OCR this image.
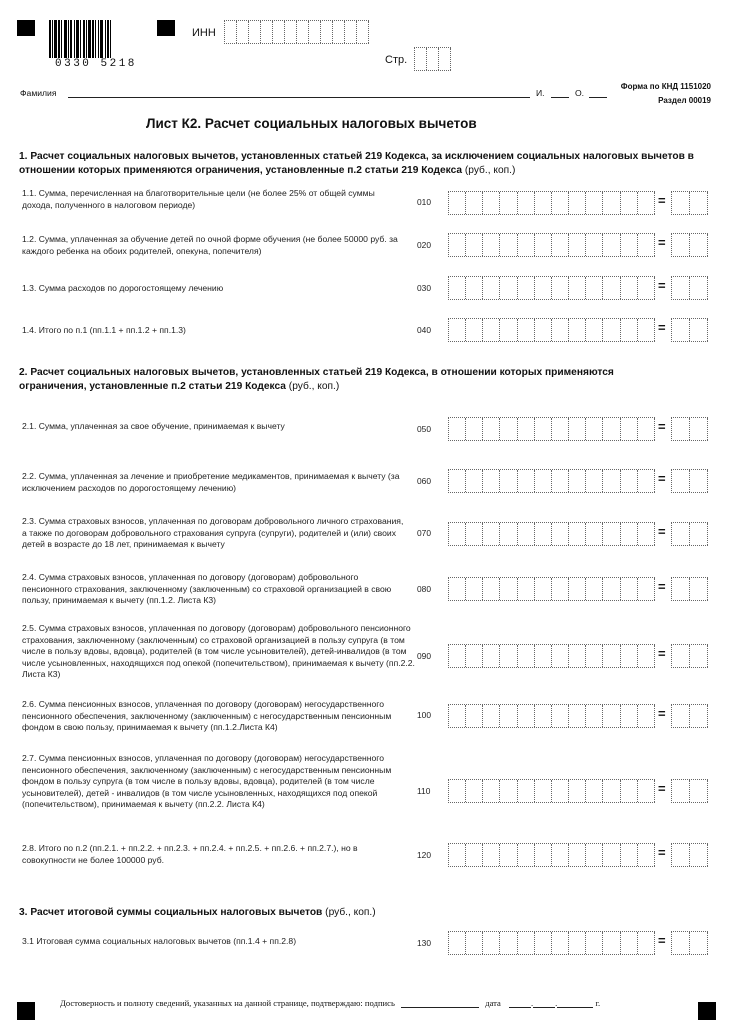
0330 5218
ИНН
Стр.
Фамилия	И.	О.
Форма по КНД 1151020
Раздел 00019
Лист К2. Расчет социальных налоговых вычетов
1. Расчет социальных налоговых вычетов, установленных статьей 219 Кодекса, за исключением социальных налоговых вычетов в отношении которых применяются ограничения, установленные п.2 статьи 219 Кодекса (руб., коп.)
2. Расчет социальных налоговых вычетов, установленных статьей 219 Кодекса, в отношении которых применяются ограничения, установленные п.2 статьи 219 Кодекса (руб., коп.)
3. Расчет итоговой суммы социальных налоговых вычетов (руб., коп.)
1.1. Сумма, перечисленная на благотворительные цели (не более 25% от общей суммы дохода, полученного в налоговом периоде)	010	=
1.2. Сумма, уплаченная за обучение детей по очной форме обучения (не более 50000 руб. за каждого ребенка на обоих родителей, опекуна, попечителя)
020	=
1.3. Сумма расходов по дорогостоящему лечению	030	=
1.4. Итого по п.1 (пп.1.1 + пп.1.2 + пп.1.3)	040	=
2.1. Сумма, уплаченная за свое обучение, принимаемая к вычету	050	=
2.2. Сумма, уплаченная за лечение и приобретение медикаментов, принимаемая к вычету (за исключением расходов по дорогостоящему лечению)
060	=
2.3. Сумма страховых взносов, уплаченная по договорам добровольного личного страхования, а также по договорам добровольного страхования супруга (супруги), родителей и (или) своих детей в возрасте до 18 лет, принимаемая к вычету
070	=
2.4. Сумма страховых взносов, уплаченная по договору (договорам) добровольного пенсионного страхования, заключенному (заключенным) со страховой организацией в свою пользу, принимаемая к вычету (пп.1.2. Листа К3)
080	=
2.5. Сумма страховых взносов, уплаченная по договору (договорам) добровольного пенсионного страхования, заключенному (заключенным) со страховой организацией в пользу супруга (в том числе в пользу вдовы, вдовца), родителей (в том числе усыновителей), детей-инвалидов (в том числе усыновленных, находящихся под опекой (попечительством), принимаемая к вычету (пп.2.2. Листа К3)
090	=
2.6. Сумма пенсионных взносов, уплаченная по договору (договорам) негосударственного пенсионного обеспечения, заключенному (заключенным) с негосударственным пенсионным фондом в свою пользу, принимаемая к вычету (пп.1.2.Листа К4)
100	=
2.7. Сумма пенсионных взносов, уплаченная по договору (договорам) негосударственного пенсионного обеспечения, заключенному (заключенным) с негосударственным пенсионным фондом в пользу супруга (в том числе в пользу вдовы, вдовца), родителей (в том числе усыновителей), детей - инвалидов (в том числе усыновленных, находящихся под опекой (попечительством), принимаемая к вычету (пп.2.2. Листа К4)
110	=
2.8. Итого по п.2 (пп.2.1. + пп.2.2. + пп.2.3. + пп.2.4. + пп.2.5. + пп.2.6. + пп.2.7.), но в совокупности не более 100000 руб.	120	=
3.1 Итоговая сумма социальных налоговых вычетов (пп.1.4 + пп.2.8)	130	=
Достоверность и полноту сведений, указанных на данной странице, подтверждаю: подпись	дата	.	.	г.
